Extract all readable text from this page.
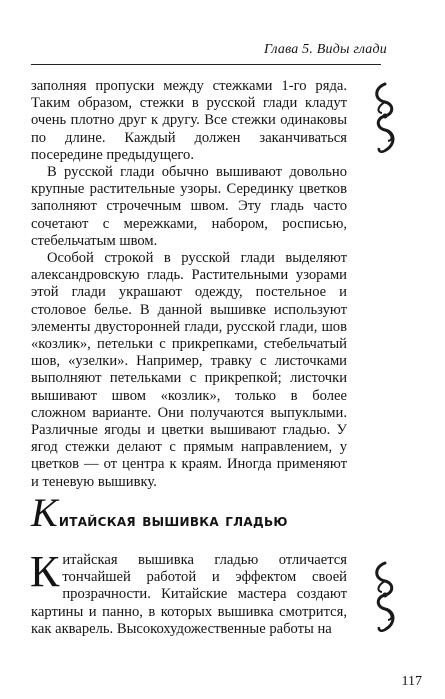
Глава 5. Виды глади

заполняя пропуски между стежками 1-го ряда. Таким образом, стежки в русской глади кладут очень плотно друг к другу. Все стежки одинаковы по длине. Каждый должен заканчиваться посередине предыдущего.

В русской глади обычно вышивают довольно крупные растительные узоры. Серединку цветков заполняют строчечным швом. Эту гладь часто сочетают с мережками, набором, росписью, стебельчатым швом.

Особой строкой в русской глади выделяют александровскую гладь. Растительными узорами этой глади украшают одежду, постельное и столовое белье. В данной вышивке используют элементы двусторонней глади, русской глади, шов «козлик», петельки с прикрепками, стебельчатый шов, «узелки». Например, травку с листочками выполняют петельками с прикрепкой; листочки вышивают швом «козлик», только в более сложном варианте. Они получаются выпуклыми. Различные ягоды и цветки вышивают гладью. У ягод стежки делают с прямым направлением, у цветков — от центра к краям. Иногда применяют и теневую вышивку.

К итайская вышивка гладью

Китайская вышивка гладью отличается тончайшей работой и эффектом своей прозрачности. Китайские мастера создают картины и панно, в которых вышивка смотрится, как акварель. Высокохудожественные работы на

117
